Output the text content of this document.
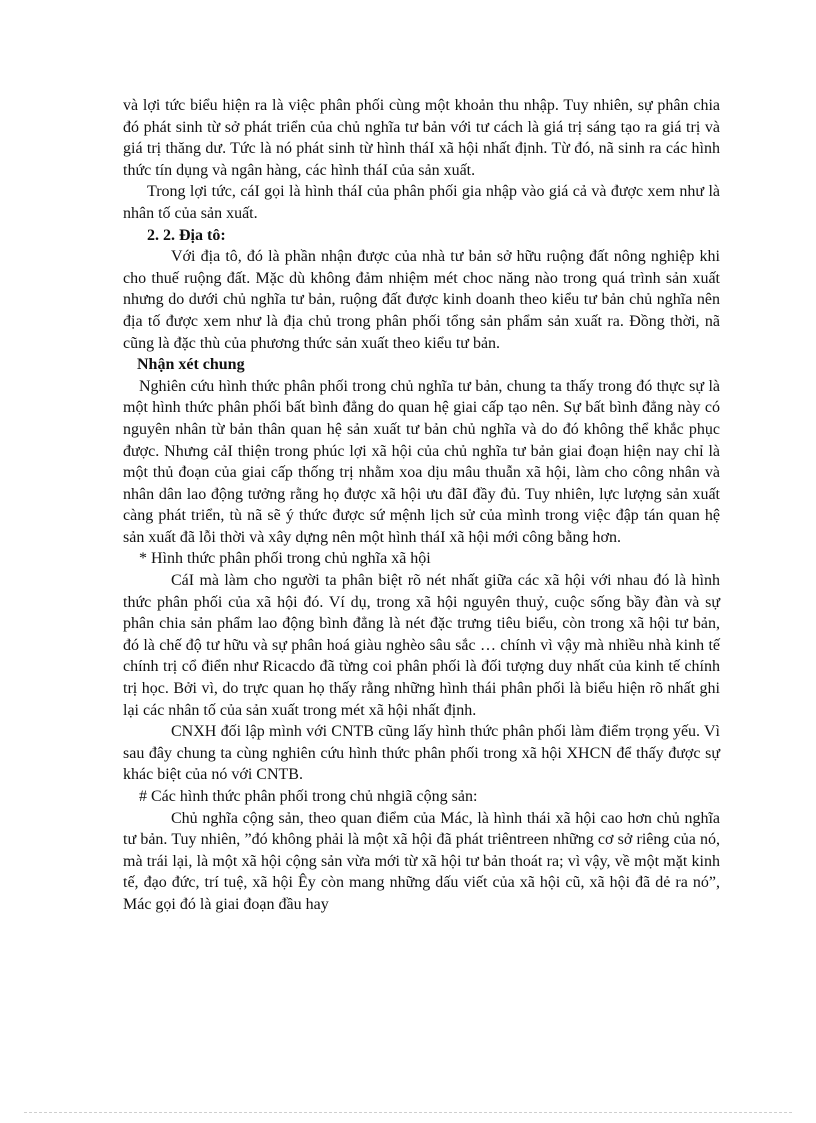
và lợi tức biểu hiện ra là việc phân phối cùng một khoản thu nhập. Tuy nhiên, sự phân chia đó phát sinh từ sở phát triển của chủ nghĩa tư bản với tư cách là giá trị sáng tạo ra giá trị và giá trị thăng dư. Tức là nó phát sinh từ hình tháI xã hội nhất định. Từ đó, nã sinh ra các hình thức tín dụng và ngân hàng, các hình tháI của sản xuất.

Trong lợi tức, cáI gọi là hình tháI của phân phối gia nhập vào giá cả và được xem như là nhân tố của sản xuất.

2. 2. Địa tô:

Với địa tô, đó là phần nhận được của nhà tư bản sở hữu ruộng đất nông nghiệp khi cho thuế ruộng đất. Mặc dù không đảm nhiệm mét choc năng nào trong quá trình sản xuất nhưng do dưới chủ nghĩa tư bản, ruộng đất được kinh doanh theo kiểu tư bản chủ nghĩa nên địa tố được xem như là địa chủ trong phân phối tổng sản phẩm sản xuất ra. Đồng thời, nã cũng là đặc thù của phương thức sản xuất theo kiểu tư bản.

Nhận xét chung

Nghiên cứu hình thức phân phối trong chủ nghĩa tư bản, chung ta thấy trong đó thực sự là một hình thức phân phối bất bình đẳng do quan hệ giai cấp tạo nên. Sự bất bình đẳng này có nguyên nhân từ bản thân quan hệ sản xuất tư bản chủ nghĩa và do đó không thể khắc phục được. Nhưng cảI thiện trong phúc lợi xã hội của chủ nghĩa tư bản giai đoạn hiện nay chỉ là một thủ đoạn của giai cấp thống trị nhằm xoa dịu mâu thuẫn xã hội, làm cho công nhân và nhân dân lao động tưởng rằng họ được xã hội ưu đãI đầy đủ. Tuy nhiên, lực lượng sản xuất càng phát triển, tù nã sẽ ý thức được sứ mệnh lịch sử của mình trong việc đập tán quan hệ sản xuất đã lỗi thời và xây dựng nên một hình tháI xã hội mới công bằng hơn.

* Hình thức phân phối trong chủ nghĩa xã hội

CáI mà làm cho người ta phân biệt rõ nét nhất giữa các xã hội với nhau đó là hình thức phân phối của xã hội đó. Ví dụ, trong xã hội nguyên thuỷ, cuộc sống bầy đàn và sự phân chia sản phẩm lao động bình đẳng là nét đặc trưng tiêu biểu, còn trong xã hội tư bản, đó là chế độ tư hữu và sự phân hoá giàu nghèo sâu sắc … chính vì vậy mà nhiều nhà kinh tế chính trị cổ điển như Ricacdo đã từng coi phân phối là đối tượng duy nhất của kinh tế chính trị học. Bởi vì, do trực quan họ thấy rằng những hình thái phân phối là biểu hiện rõ nhất ghi lại các nhân tố của sản xuất trong mét xã hội nhất định.

CNXH đối lập mình với CNTB cũng lấy hình thức phân phối làm điểm trọng yếu. Vì sau đây chung ta cùng nghiên cứu hình thức phân phối trong xã hội XHCN để thấy được sự khác biệt của nó với CNTB.

# Các hình thức phân phối trong chủ nhgiã cộng sản:

Chủ nghĩa cộng sản, theo quan điểm của Mác, là hình thái xã hội cao hơn chủ nghĩa tư bản. Tuy nhiên, ”đó không phải là một xã hội đã phát triêntreen những cơ sở riêng của nó, mà trái lại, là một xã hội cộng sản vừa mới từ xã hội tư bản thoát ra; vì vậy, về một mặt kinh tế, đạo đức, trí tuệ, xã hội Êy còn mang những dấu viết của xã hội cũ, xã hội đã dẻ ra nó”, Mác gọi đó là giai đoạn đầu hay
